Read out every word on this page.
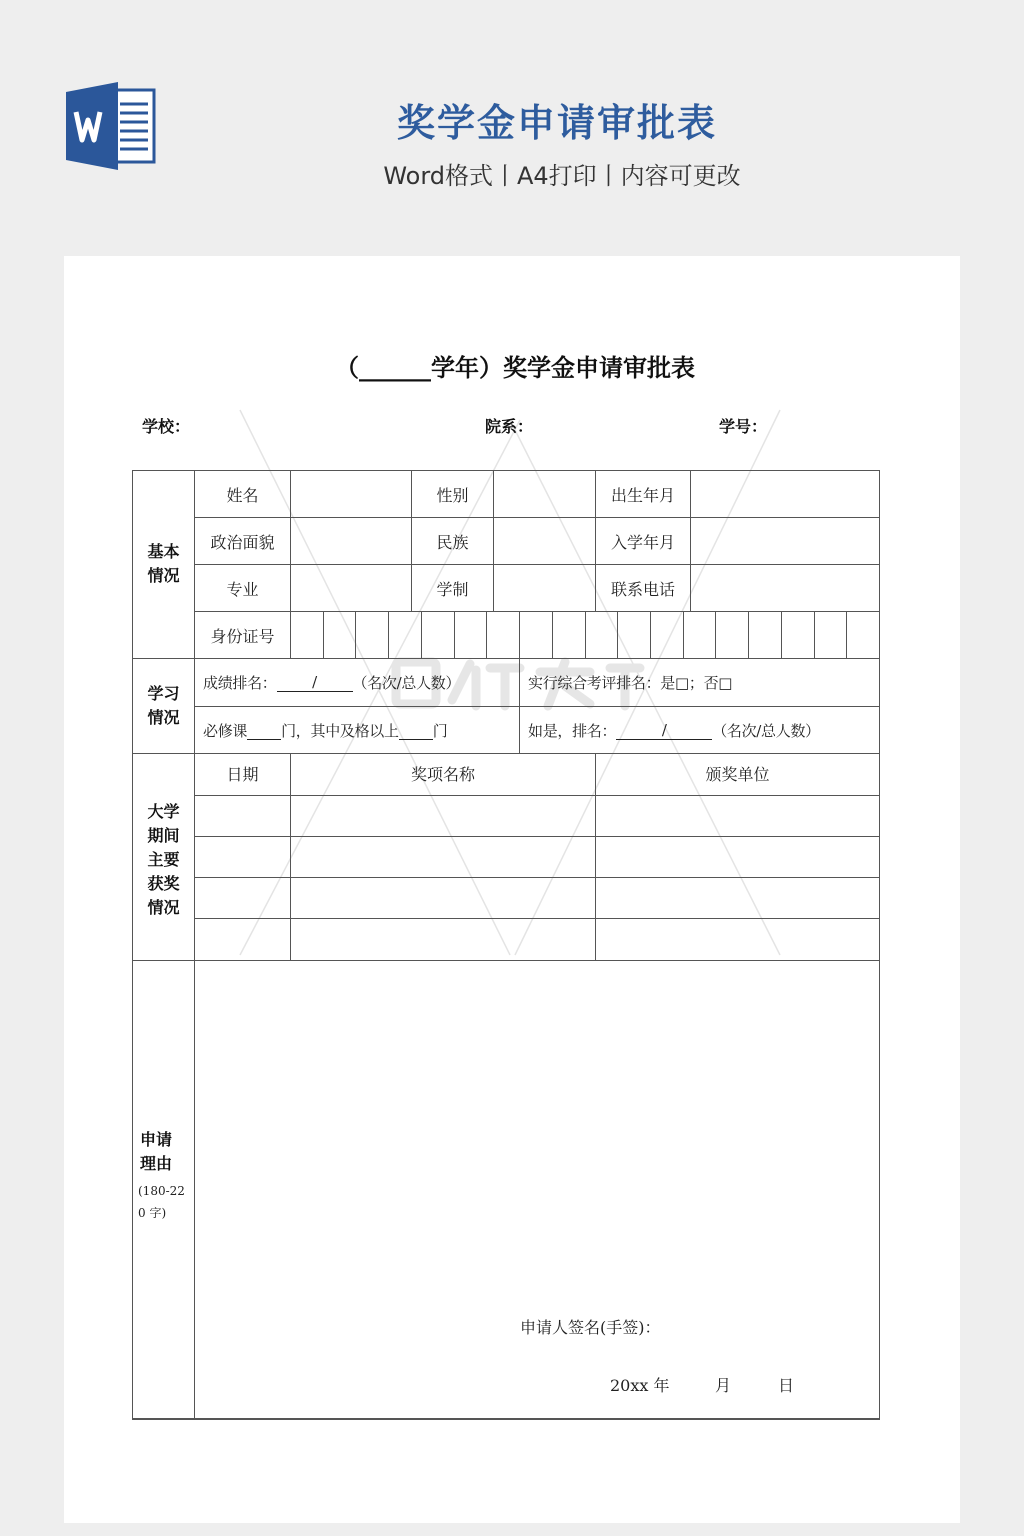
奖学金申请审批表
Word格式丨A4打印丨内容可更改
（______学年）奖学金申请审批表
学校：	院系：	学号：
基本
情况
姓名	性别	出生年月
政治面貌	民族	入学年月
专业	学制	联系电话
身份证号
学习
情况
成绩排名：	/	（名次/总人数）	实行综合考评排名：是□；否□
必修课 门，其中及格以上 门	如是，排名：	/	（名次/总人数）
大学
期间
主要
获奖
情况
日期	奖项名称	颁奖单位
申请
理由
(180-220 字)
申请人签名(手签)：
20xx 年	月	日
